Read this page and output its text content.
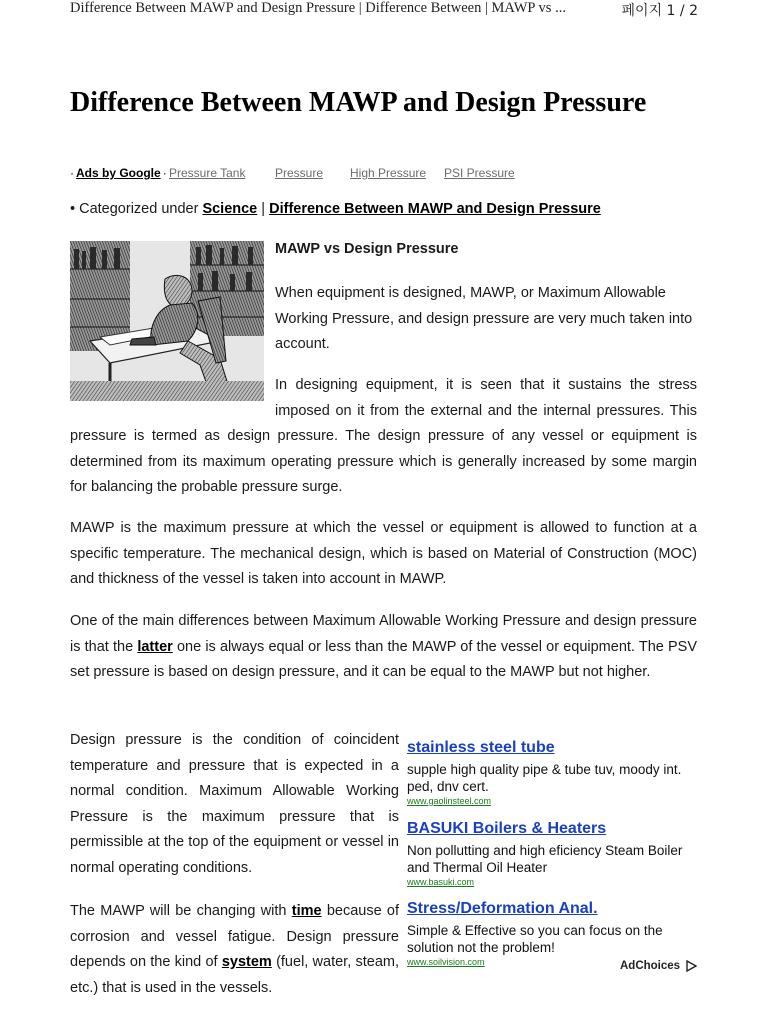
Difference Between MAWP and Design Pressure | Difference Between | MAWP vs ...	페이지 1 / 2
Difference Between MAWP and Design Pressure
· Ads by Google · Pressure Tank Pressure High Pressure PSI Pressure
• Categorized under Science | Difference Between MAWP and Design Pressure

MAWP vs Design Pressure

When equipment is designed, MAWP, or Maximum Allowable Working Pressure, and design pressure are very much taken into account.

In designing equipment, it is seen that it sustains the stress imposed on it from the external and the internal pressures. This pressure is termed as design pressure. The design pressure of any vessel or equipment is determined from its maximum operating pressure which is generally increased by some margin for balancing the probable pressure surge.

MAWP is the maximum pressure at which the vessel or equipment is allowed to function at a specific temperature. The mechanical design, which is based on Material of Construction (MOC) and thickness of the vessel is taken into account in MAWP.

One of the main differences between Maximum Allowable Working Pressure and design pressure is that the latter one is always equal or less than the MAWP of the vessel or equipment. The PSV set pressure is based on design pressure, and it can be equal to the MAWP but not higher.

Design pressure is the condition of coincident temperature and pressure that is expected in a normal condition. Maximum Allowable Working Pressure is the maximum pressure that is permissible at the top of the equipment or vessel in normal operating conditions.

The MAWP will be changing with time because of corrosion and vessel fatigue. Design pressure depends on the kind of system (fuel, water, steam, etc.) that is used in the vessels.

stainless steel tube
supple high quality pipe & tube tuv, moody int. ped, dnv cert.
www.gaolinsteel.com
BASUKI Boilers & Heaters
Non pollutting and high eficiency Steam Boiler and Thermal Oil Heater
www.basuki.com
Stress/Deformation Anal.
Simple & Effective so you can focus on the solution not the problem!
www.soilvision.com	AdChoices
